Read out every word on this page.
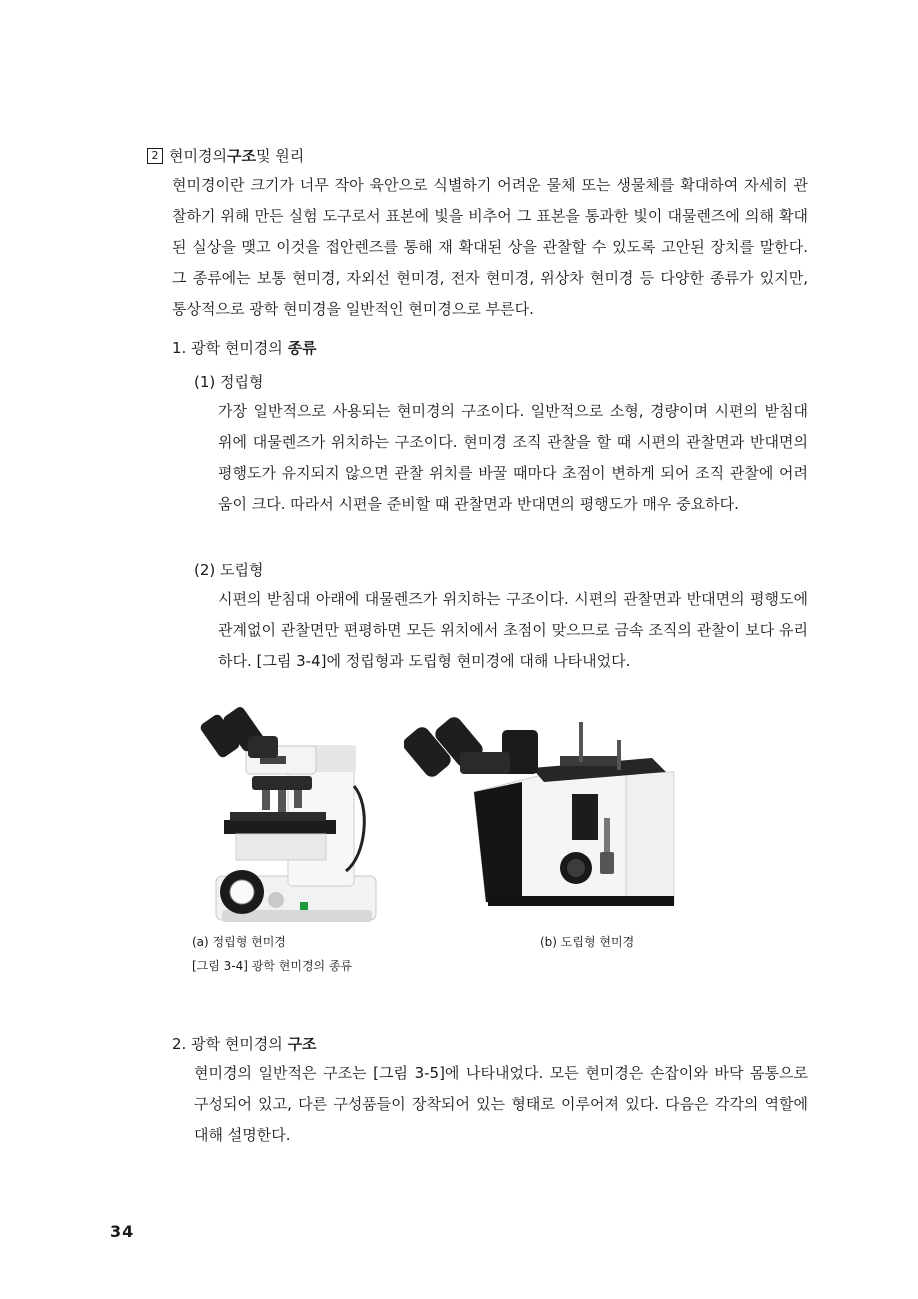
2 현미경의 구조 및 원리

현미경이란 크기가 너무 작아 육안으로 식별하기 어려운 물체 또는 생물체를 확대하여 자세히 관찰하기 위해 만든 실험 도구로서 표본에 빛을 비추어 그 표본을 통과한 빛이 대물렌즈에 의해 확대된 실상을 맺고 이것을 접안렌즈를 통해 재 확대된 상을 관찰할 수 있도록 고안된 장치를 말한다. 그 종류에는 보통 현미경, 자외선 현미경, 전자 현미경, 위상차 현미경 등 다양한 종류가 있지만, 통상적으로 광학 현미경을 일반적인 현미경으로 부른다.

1. 광학 현미경의 종류
(1) 정립형

가장 일반적으로 사용되는 현미경의 구조이다. 일반적으로 소형, 경량이며 시편의 받침대 위에 대물렌즈가 위치하는 구조이다. 현미경 조직 관찰을 할 때 시편의 관찰면과 반대면의 평행도가 유지되지 않으면 관찰 위치를 바꿀 때마다 초점이 변하게 되어 조직 관찰에 어려움이 크다. 따라서 시편을 준비할 때 관찰면과 반대면의 평행도가 매우 중요하다.

(2) 도립형

시편의 받침대 아래에 대물렌즈가 위치하는 구조이다. 시편의 관찰면과 반대면의 평행도에 관계없이 관찰면만 편평하면 모든 위치에서 초점이 맞으므로 금속 조직의 관찰이 보다 유리하다. [그림 3-4]에 정립형과 도립형 현미경에 대해 나타내었다.

(a) 정립형 현미경	(b) 도립형 현미경
[그림 3-4] 광학 현미경의 종류
2. 광학 현미경의 구조

현미경의 일반적은 구조는 [그림 3-5]에 나타내었다. 모든 현미경은 손잡이와 바닥 몸통으로 구성되어 있고, 다른 구성품들이 장착되어 있는 형태로 이루어져 있다. 다음은 각각의 역할에 대해 설명한다.

34
